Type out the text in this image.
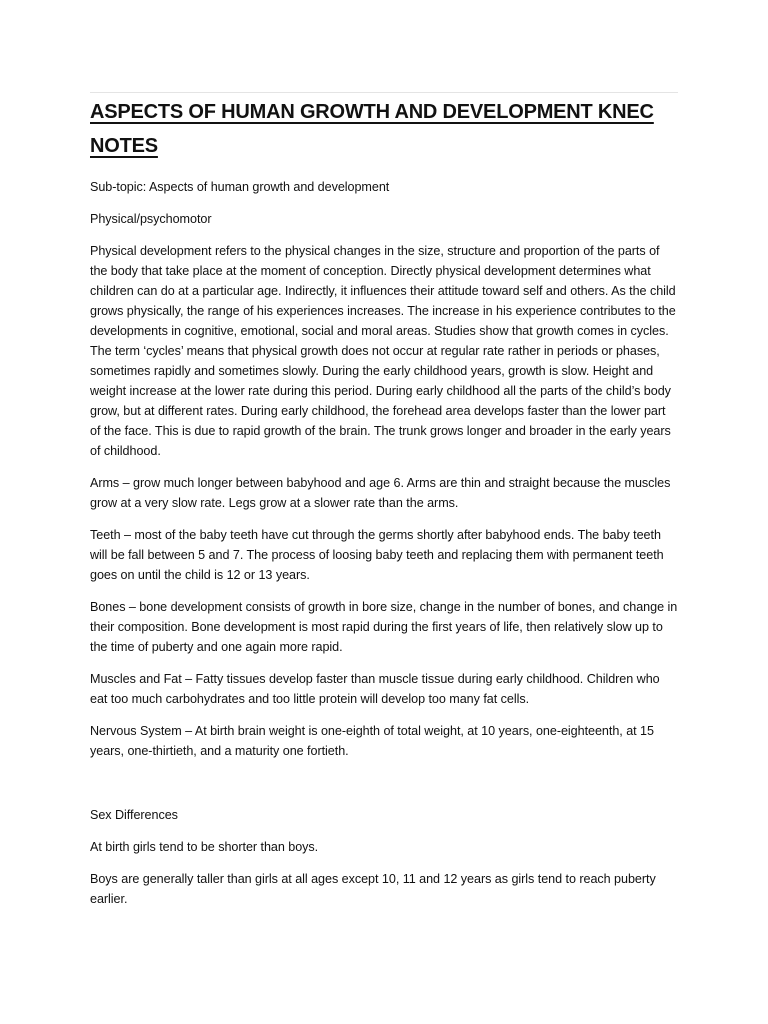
ASPECTS OF HUMAN GROWTH AND DEVELOPMENT KNEC NOTES

Sub-topic: Aspects of human growth and development

Physical/psychomotor

Physical development refers to the physical changes in the size, structure and proportion of the parts of the body that take place at the moment of conception. Directly physical development determines what children can do at a particular age. Indirectly, it influences their attitude toward self and others. As the child grows physically, the range of his experiences increases. The increase in his experience contributes to the developments in cognitive, emotional, social and moral areas. Studies show that growth comes in cycles. The term ‘cycles’ means that physical growth does not occur at regular rate rather in periods or phases, sometimes rapidly and sometimes slowly. During the early childhood years, growth is slow. Height and weight increase at the lower rate during this period. During early childhood all the parts of the child’s body grow, but at different rates. During early childhood, the forehead area develops faster than the lower part of the face. This is due to rapid growth of the brain. The trunk grows longer and broader in the early years of childhood.

Arms – grow much longer between babyhood and age 6. Arms are thin and straight because the muscles grow at a very slow rate. Legs grow at a slower rate than the arms.

Teeth – most of the baby teeth have cut through the germs shortly after babyhood ends. The baby teeth will be fall between 5 and 7. The process of loosing baby teeth and replacing them with permanent teeth goes on until the child is 12 or 13 years.

Bones – bone development consists of growth in bore size, change in the number of bones, and change in their composition. Bone development is most rapid during the first years of life, then relatively slow up to the time of puberty and one again more rapid.

Muscles and Fat – Fatty tissues develop faster than muscle tissue during early childhood. Children who eat too much carbohydrates and too little protein will develop too many fat cells.

Nervous System – At birth brain weight is one-eighth of total weight, at 10 years, one-eighteenth, at 15 years, one-thirtieth, and a maturity one fortieth.

Sex Differences

At birth girls tend to be shorter than boys.

Boys are generally taller than girls at all ages except 10, 11 and 12 years as girls tend to reach puberty earlier.
